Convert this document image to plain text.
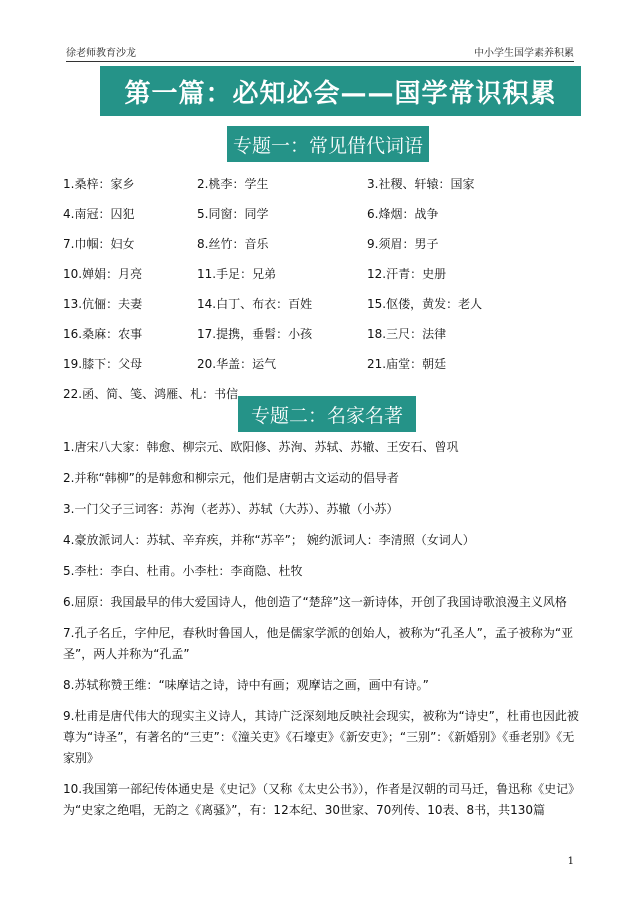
徐老师教育沙龙	中小学生国学素养积累
第一篇：必知必会——国学常识积累
专题一：常见借代词语
1.桑梓：家乡	2.桃李：学生	3.社稷、轩辕：国家
4.南冠：囚犯	5.同窗：同学	6.烽烟：战争
7.巾帼：妇女	8.丝竹：音乐	9.须眉：男子
10.婵娟：月亮	11.手足：兄弟	12.汗青：史册
13.伉俪：夫妻	14.白丁、布衣：百姓	15.伛偻，黄发：老人
16.桑麻：农事	17.提携，垂髫：小孩	18.三尺：法律
19.膝下：父母	20.华盖：运气	21.庙堂：朝廷
22.函、简、笺、鸿雁、札：书信
专题二：名家名著

1.唐宋八大家：韩愈、柳宗元、欧阳修、苏洵、苏轼、苏辙、王安石、曾巩

2.并称“韩柳”的是韩愈和柳宗元，他们是唐朝古文运动的倡导者

3.一门父子三词客：苏洵（老苏）、苏轼（大苏）、苏辙（小苏）

4.豪放派词人：苏轼、辛弃疾，并称“苏辛”； 婉约派词人：李清照（女词人）

5.李杜：李白、杜甫。小李杜：李商隐、杜牧

6.屈原：我国最早的伟大爱国诗人，他创造了“楚辞”这一新诗体，开创了我国诗歌浪漫主义风格

7.孔子名丘，字仲尼，春秋时鲁国人，他是儒家学派的创始人，被称为“孔圣人”，孟子被称为“亚圣”，两人并称为“孔孟”

8.苏轼称赞王维：“味摩诘之诗，诗中有画；观摩诘之画，画中有诗。”

9.杜甫是唐代伟大的现实主义诗人，其诗广泛深刻地反映社会现实，被称为“诗史”，杜甫也因此被尊为“诗圣”，有著名的“三吏”：《潼关吏》《石壕吏》《新安吏》；“三别”：《新婚别》《垂老别》《无家别》

10.我国第一部纪传体通史是《史记》（又称《太史公书》），作者是汉朝的司马迁，鲁迅称《史记》为“史家之绝唱，无韵之《离骚》”，有：12本纪、30世家、70列传、10表、8书，共130篇

1
